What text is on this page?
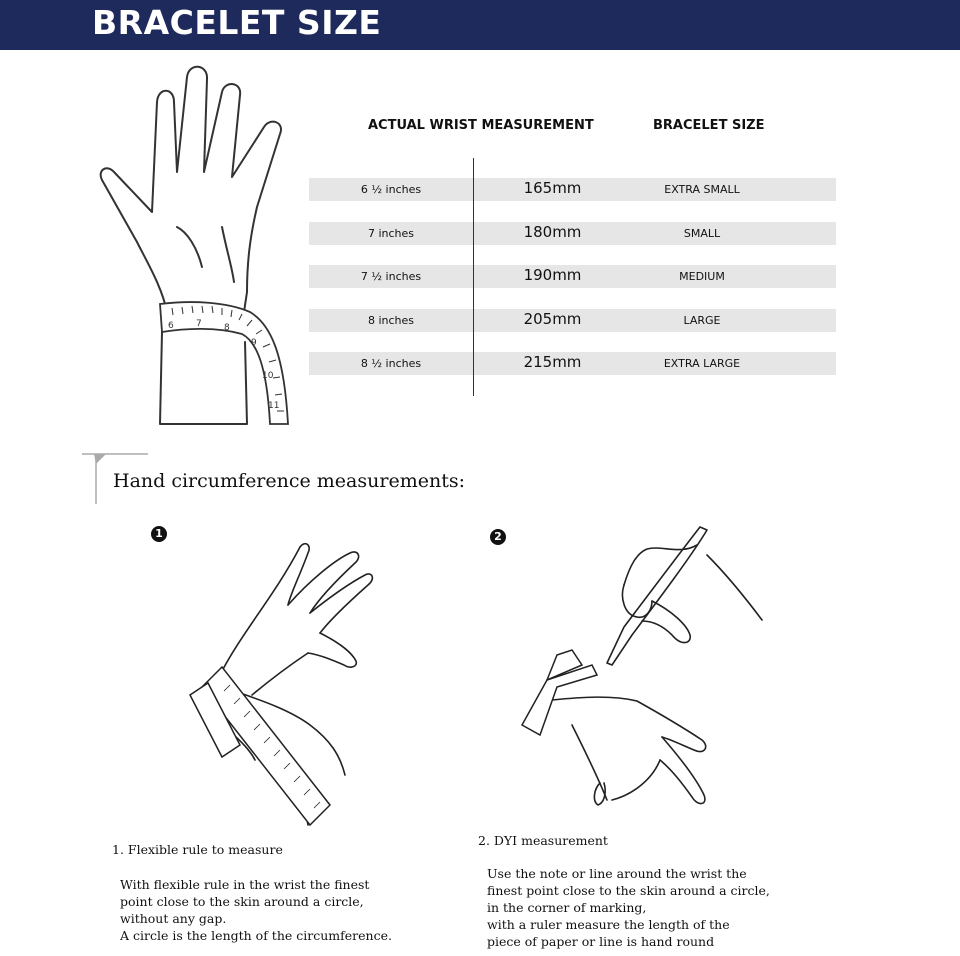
BRACELET SIZE
6 7 8
9
10
11
ACTUAL WRIST MEASUREMENT	BRACELET SIZE
6 ½ inches	165mm	EXTRA SMALL
7 inches	180mm	SMALL
7 ½ inches	190mm	MEDIUM
8 inches	205mm	LARGE
8 ½ inches	215mm	EXTRA LARGE
Hand circumference measurements:
1
1. Flexible rule to measure
With flexible rule in the wrist the finest
point close to the skin around a circle,
without any gap.
A circle is the length of the circumference.
2
2. DYI measurement
Use the note or line around the wrist the
finest point close to the skin around a circle,
in the corner of marking,
with a ruler measure the length of the
piece of paper or line is hand round
